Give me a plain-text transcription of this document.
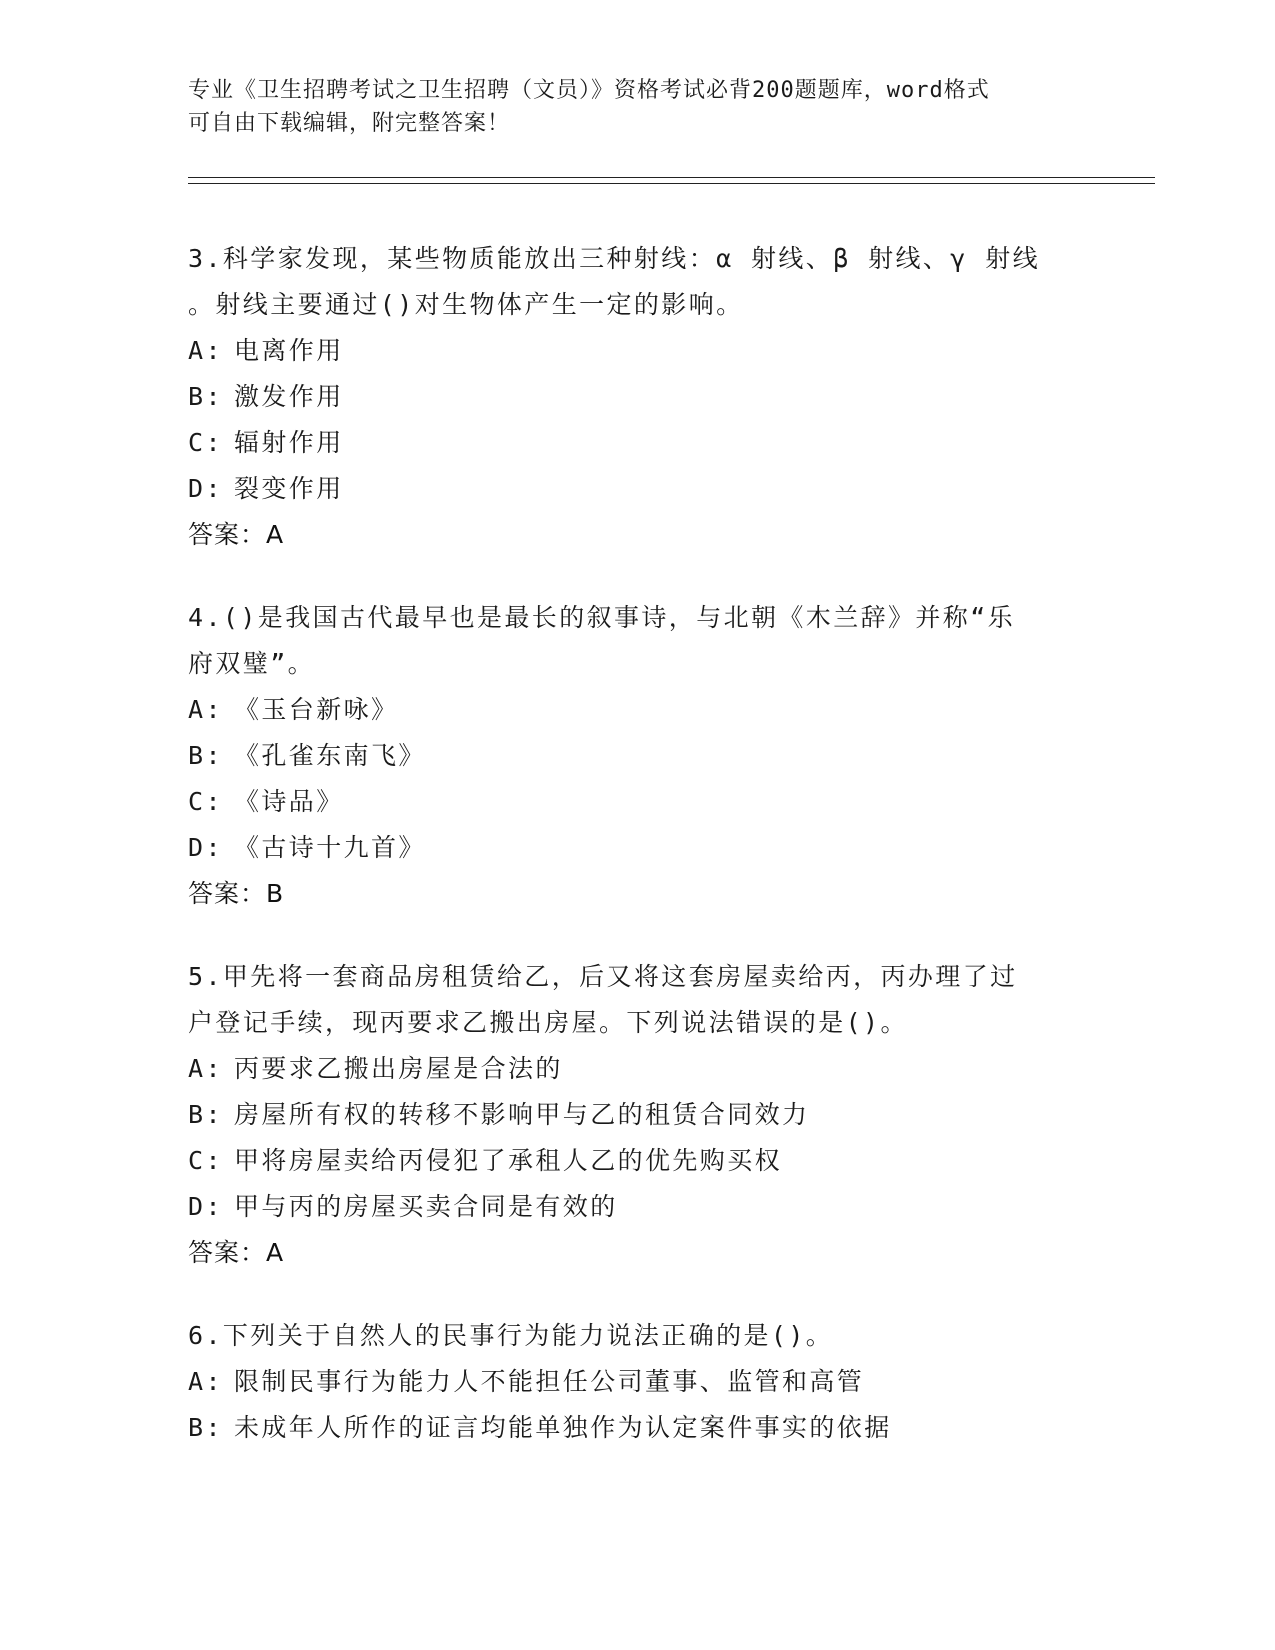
专业《卫生招聘考试之卫生招聘（文员）》资格考试必背200题题库，word格式
可自由下载编辑，附完整答案！

3.科学家发现，某些物质能放出三种射线：α 射线、β 射线、γ 射线

。射线主要通过()对生物体产生一定的影响。

A: 电离作用
B: 激发作用
C: 辐射作用
D: 裂变作用

答案：A

4.()是我国古代最早也是最长的叙事诗，与北朝《木兰辞》并称“乐

府双璧”。

A: 《玉台新咏》
B: 《孔雀东南飞》
C: 《诗品》
D: 《古诗十九首》

答案：B

5.甲先将一套商品房租赁给乙，后又将这套房屋卖给丙，丙办理了过

户登记手续，现丙要求乙搬出房屋。下列说法错误的是()。

A: 丙要求乙搬出房屋是合法的
B: 房屋所有权的转移不影响甲与乙的租赁合同效力
C: 甲将房屋卖给丙侵犯了承租人乙的优先购买权
D: 甲与丙的房屋买卖合同是有效的

答案：A

6.下列关于自然人的民事行为能力说法正确的是()。

A: 限制民事行为能力人不能担任公司董事、监管和高管
B: 未成年人所作的证言均能单独作为认定案件事实的依据
